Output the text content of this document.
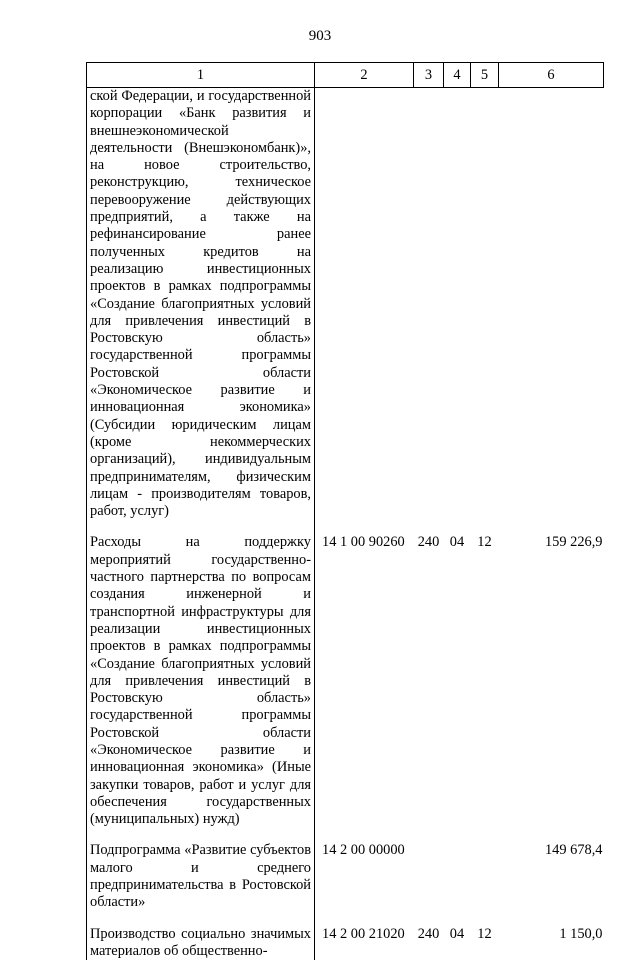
903
1	2	3	4	5	6
ской Федерации, и государственной корпорации «Банк развития и внешнеэкономической деятельности (Внешэкономбанк)», на новое строительство, реконструкцию, техническое перевооружение действующих предприятий, а также на рефинансирование ранее полученных кредитов на реализацию инвестиционных проектов в рамках подпрограммы «Создание благоприятных условий для привлечения инвестиций в Ростовскую область» государственной программы Ростовской области «Экономическое развитие и инновационная экономика» (Субсидии юридическим лицам (кроме некоммерческих организаций), индивидуальным предпринимателям, физическим лицам - производителям товаров, работ, услуг)					

Расходы на поддержку мероприятий государственно-частного партнерства по вопросам создания инженерной и транспортной инфраструктуры для реализации инвестиционных проектов в рамках подпрограммы «Создание благоприятных условий для привлечения инвестиций в Ростовскую область» государственной программы Ростовской области «Экономическое развитие и инновационная экономика» (Иные закупки товаров, работ и услуг для обеспечения государственных (муниципальных) нужд)	14 1 00 90260	240	04	12	159 226,9

Подпрограмма «Развитие субъектов малого и среднего предпринимательства в Ростовской области»	14 2 00 00000				149 678,4

Производство социально значимых материалов об общественно-	14 2 00 21020	240	04	12	1 150,0
